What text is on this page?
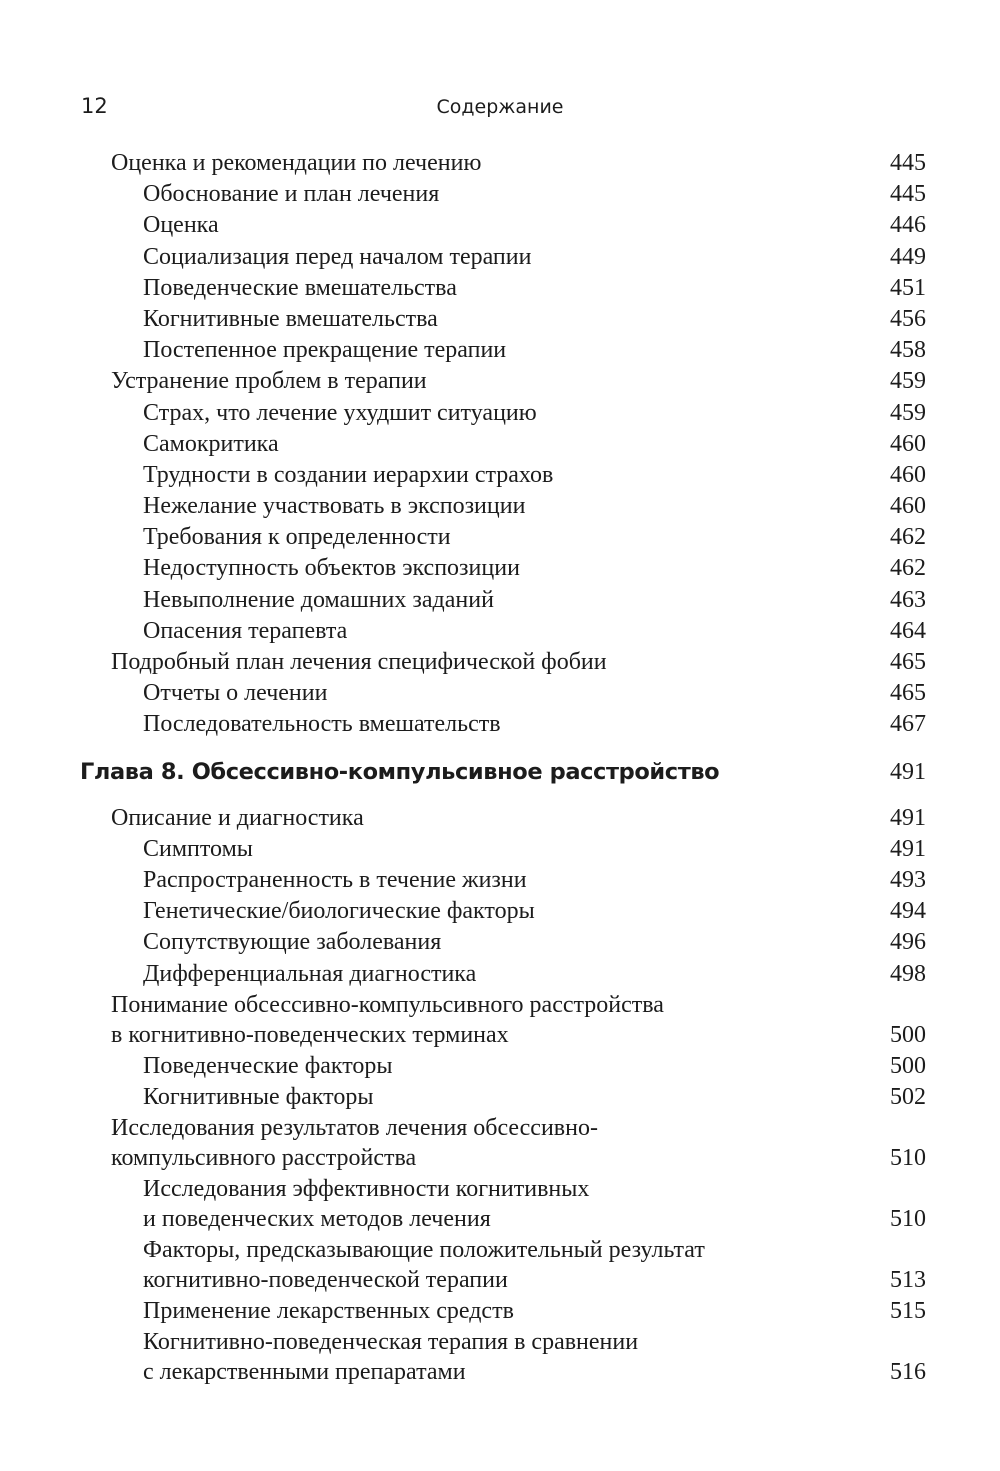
12	Содержание
Оценка и рекомендации по лечению	445
Обоснование и план лечения	445
Оценка	446
Социализация перед началом терапии	449
Поведенческие вмешательства	451
Когнитивные вмешательства	456
Постепенное прекращение терапии	458
Устранение проблем в терапии	459
Страх, что лечение ухудшит ситуацию	459
Самокритика	460
Трудности в создании иерархии страхов	460
Нежелание участвовать в экспозиции	460
Требования к определенности	462
Недоступность объектов экспозиции	462
Невыполнение домашних заданий	463
Опасения терапевта	464
Подробный план лечения специфической фобии	465
Отчеты о лечении	465
Последовательность вмешательств	467
Глава 8. Обсессивно-компульсивное расстройство	491
Описание и диагностика	491
Симптомы	491
Распространенность в течение жизни	493
Генетические/биологические факторы	494
Сопутствующие заболевания	496
Дифференциальная диагностика	498
Понимание обсессивно-компульсивного расстройства
в когнитивно-поведенческих терминах	500
Поведенческие факторы	500
Когнитивные факторы	502
Исследования результатов лечения обсессивно-
компульсивного расстройства	510
Исследования эффективности когнитивных
и поведенческих методов лечения	510
Факторы, предсказывающие положительный результат
когнитивно-поведенческой терапии	513
Применение лекарственных средств	515
Когнитивно-поведенческая терапия в сравнении
с лекарственными препаратами	516
